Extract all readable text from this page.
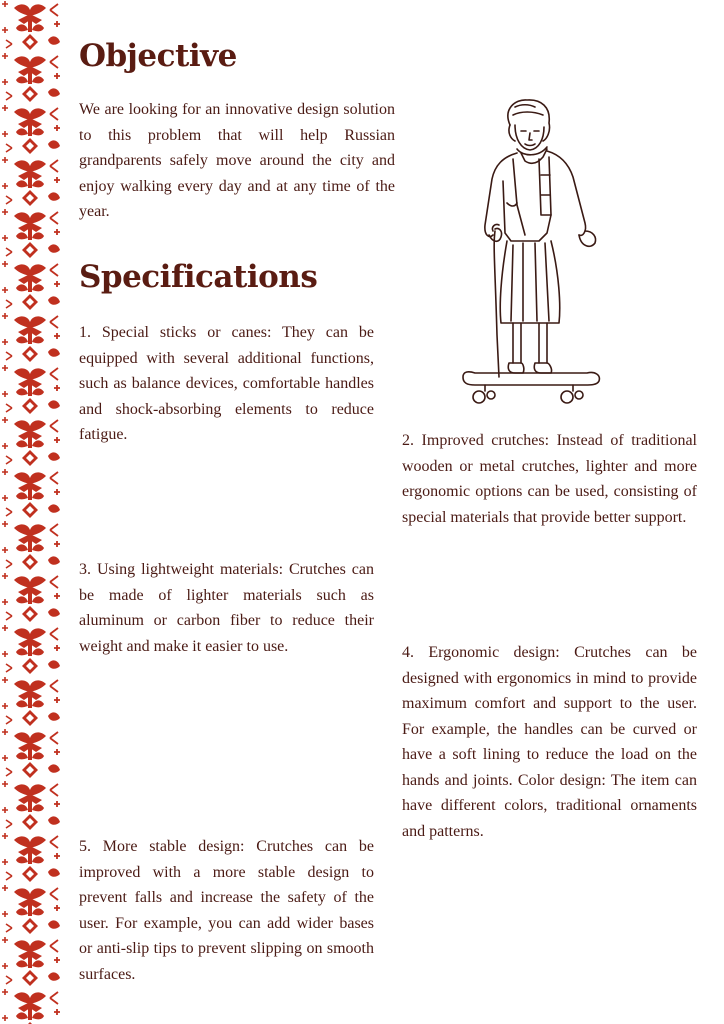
Objective

We are looking for an innovative design solution to this problem that will help Russian grandparents safely move around the city and enjoy walking every day and at any time of the year.

Specifications

1. Special sticks or canes: They can be equipped with several additional functions, such as balance devices, comfortable handles and shock-absorbing elements to reduce fatigue.	2. Improved crutches: Instead of traditional wooden or metal crutches, lighter and more ergonomic options can be used, consisting of special materials that provide better support.

3. Using lightweight materials: Crutches can be made of lighter materials such as aluminum or carbon fiber to reduce their weight and make it easier to use.	4. Ergonomic design: Crutches can be designed with ergonomics in mind to provide maximum comfort and support to the user. For example, the handles can be curved or have a soft lining to reduce the load on the hands and joints. Color design: The item can have different colors, traditional ornaments and patterns.

5. More stable design: Crutches can be improved with a more stable design to prevent falls and increase the safety of the user. For example, you can add wider bases or anti-slip tips to prevent slipping on smooth surfaces.
